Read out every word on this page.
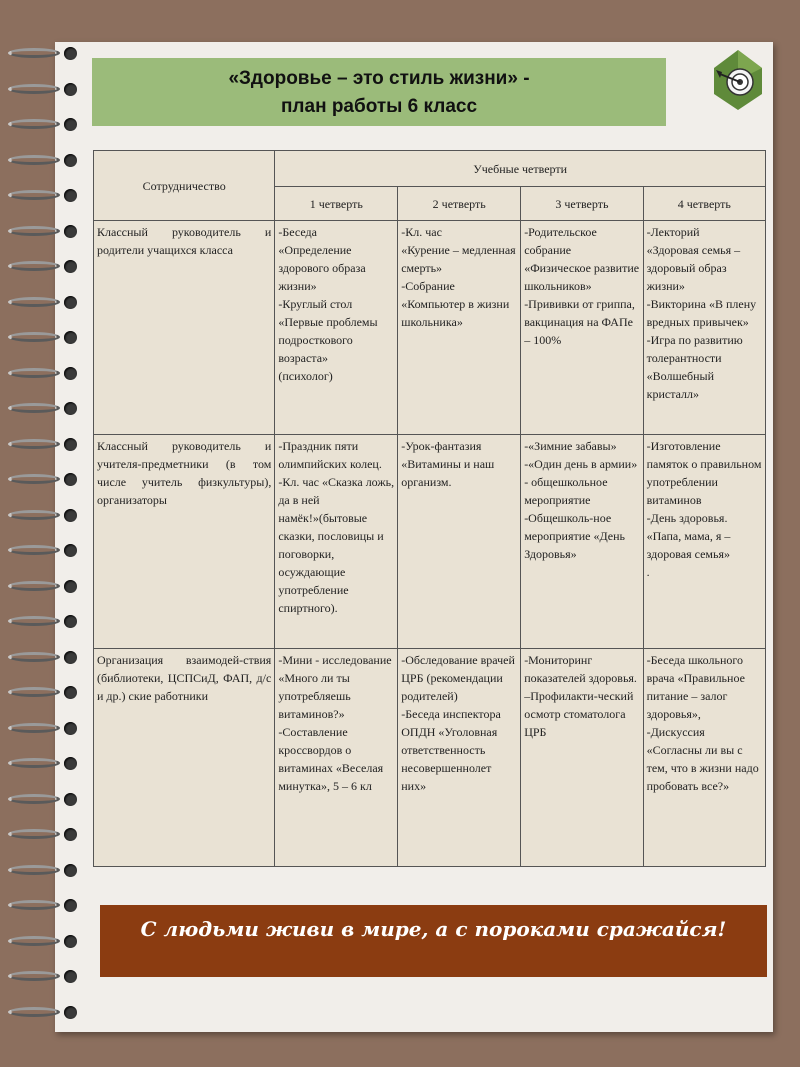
«Здоровье – это стиль жизни» -
план работы 6 класс
Сотрудничество	Учебные четверти			
	1 четверть	2 четверть	3 четверть	4 четверть
Классный руководитель и родители учащихся класса	-Беседа
«Определение здорового образа жизни»
-Круглый стол «Первые проблемы подросткового возраста»
(психолог)	-Кл. час
«Курение – медленная смерть»
-Собрание
«Компьютер в жизни школьника»	-Родительское собрание
«Физическое развитие школьников»
-Прививки от гриппа, вакцинация на ФАПе – 100%	-Лекторий
«Здоровая семья – здоровый образ жизни»
-Викторина «В плену вредных привычек»
-Игра по развитию толерантности «Волшебный кристалл»

Классный руководитель и учителя-предметники (в том числе учитель физкультуры), организаторы	-Праздник пяти олимпийских колец.
-Кл. час «Сказка ложь, да в ней намёк!»(бытовые сказки, пословицы и поговорки, осуждающие употребление спиртного).	-Урок-фантазия «Витамины и наш организм.	-«Зимние забавы»
-«Один день в армии» - общешкольное мероприятие
-Общешколь-ное мероприятие «День Здоровья»	-Изготовление памяток о правильном употреблении витаминов
-День здоровья. «Папа, мама, я – здоровая семья»
.

Организация взаимодей-ствия (библиотеки, ЦСПСиД, ФАП, д/с и др.) ские работники	-Мини - исследование «Много ли ты употребляешь витаминов?»
-Составление кроссвордов о витаминах «Веселая минутка», 5 – 6 кл	-Обследование врачей ЦРБ (рекомендации родителей)
-Беседа инспектора ОПДН «Уголовная ответственность несовершеннолет них»	-Мониторинг показателей здоровья. –Профилакти-ческий осмотр стоматолога ЦРБ	-Беседа школьного врача «Правильное питание – залог здоровья»,
-Дискуссия «Согласны ли вы с тем, что в жизни надо пробовать все?»
С людьми живи в мире, а с пороками сражайся!
